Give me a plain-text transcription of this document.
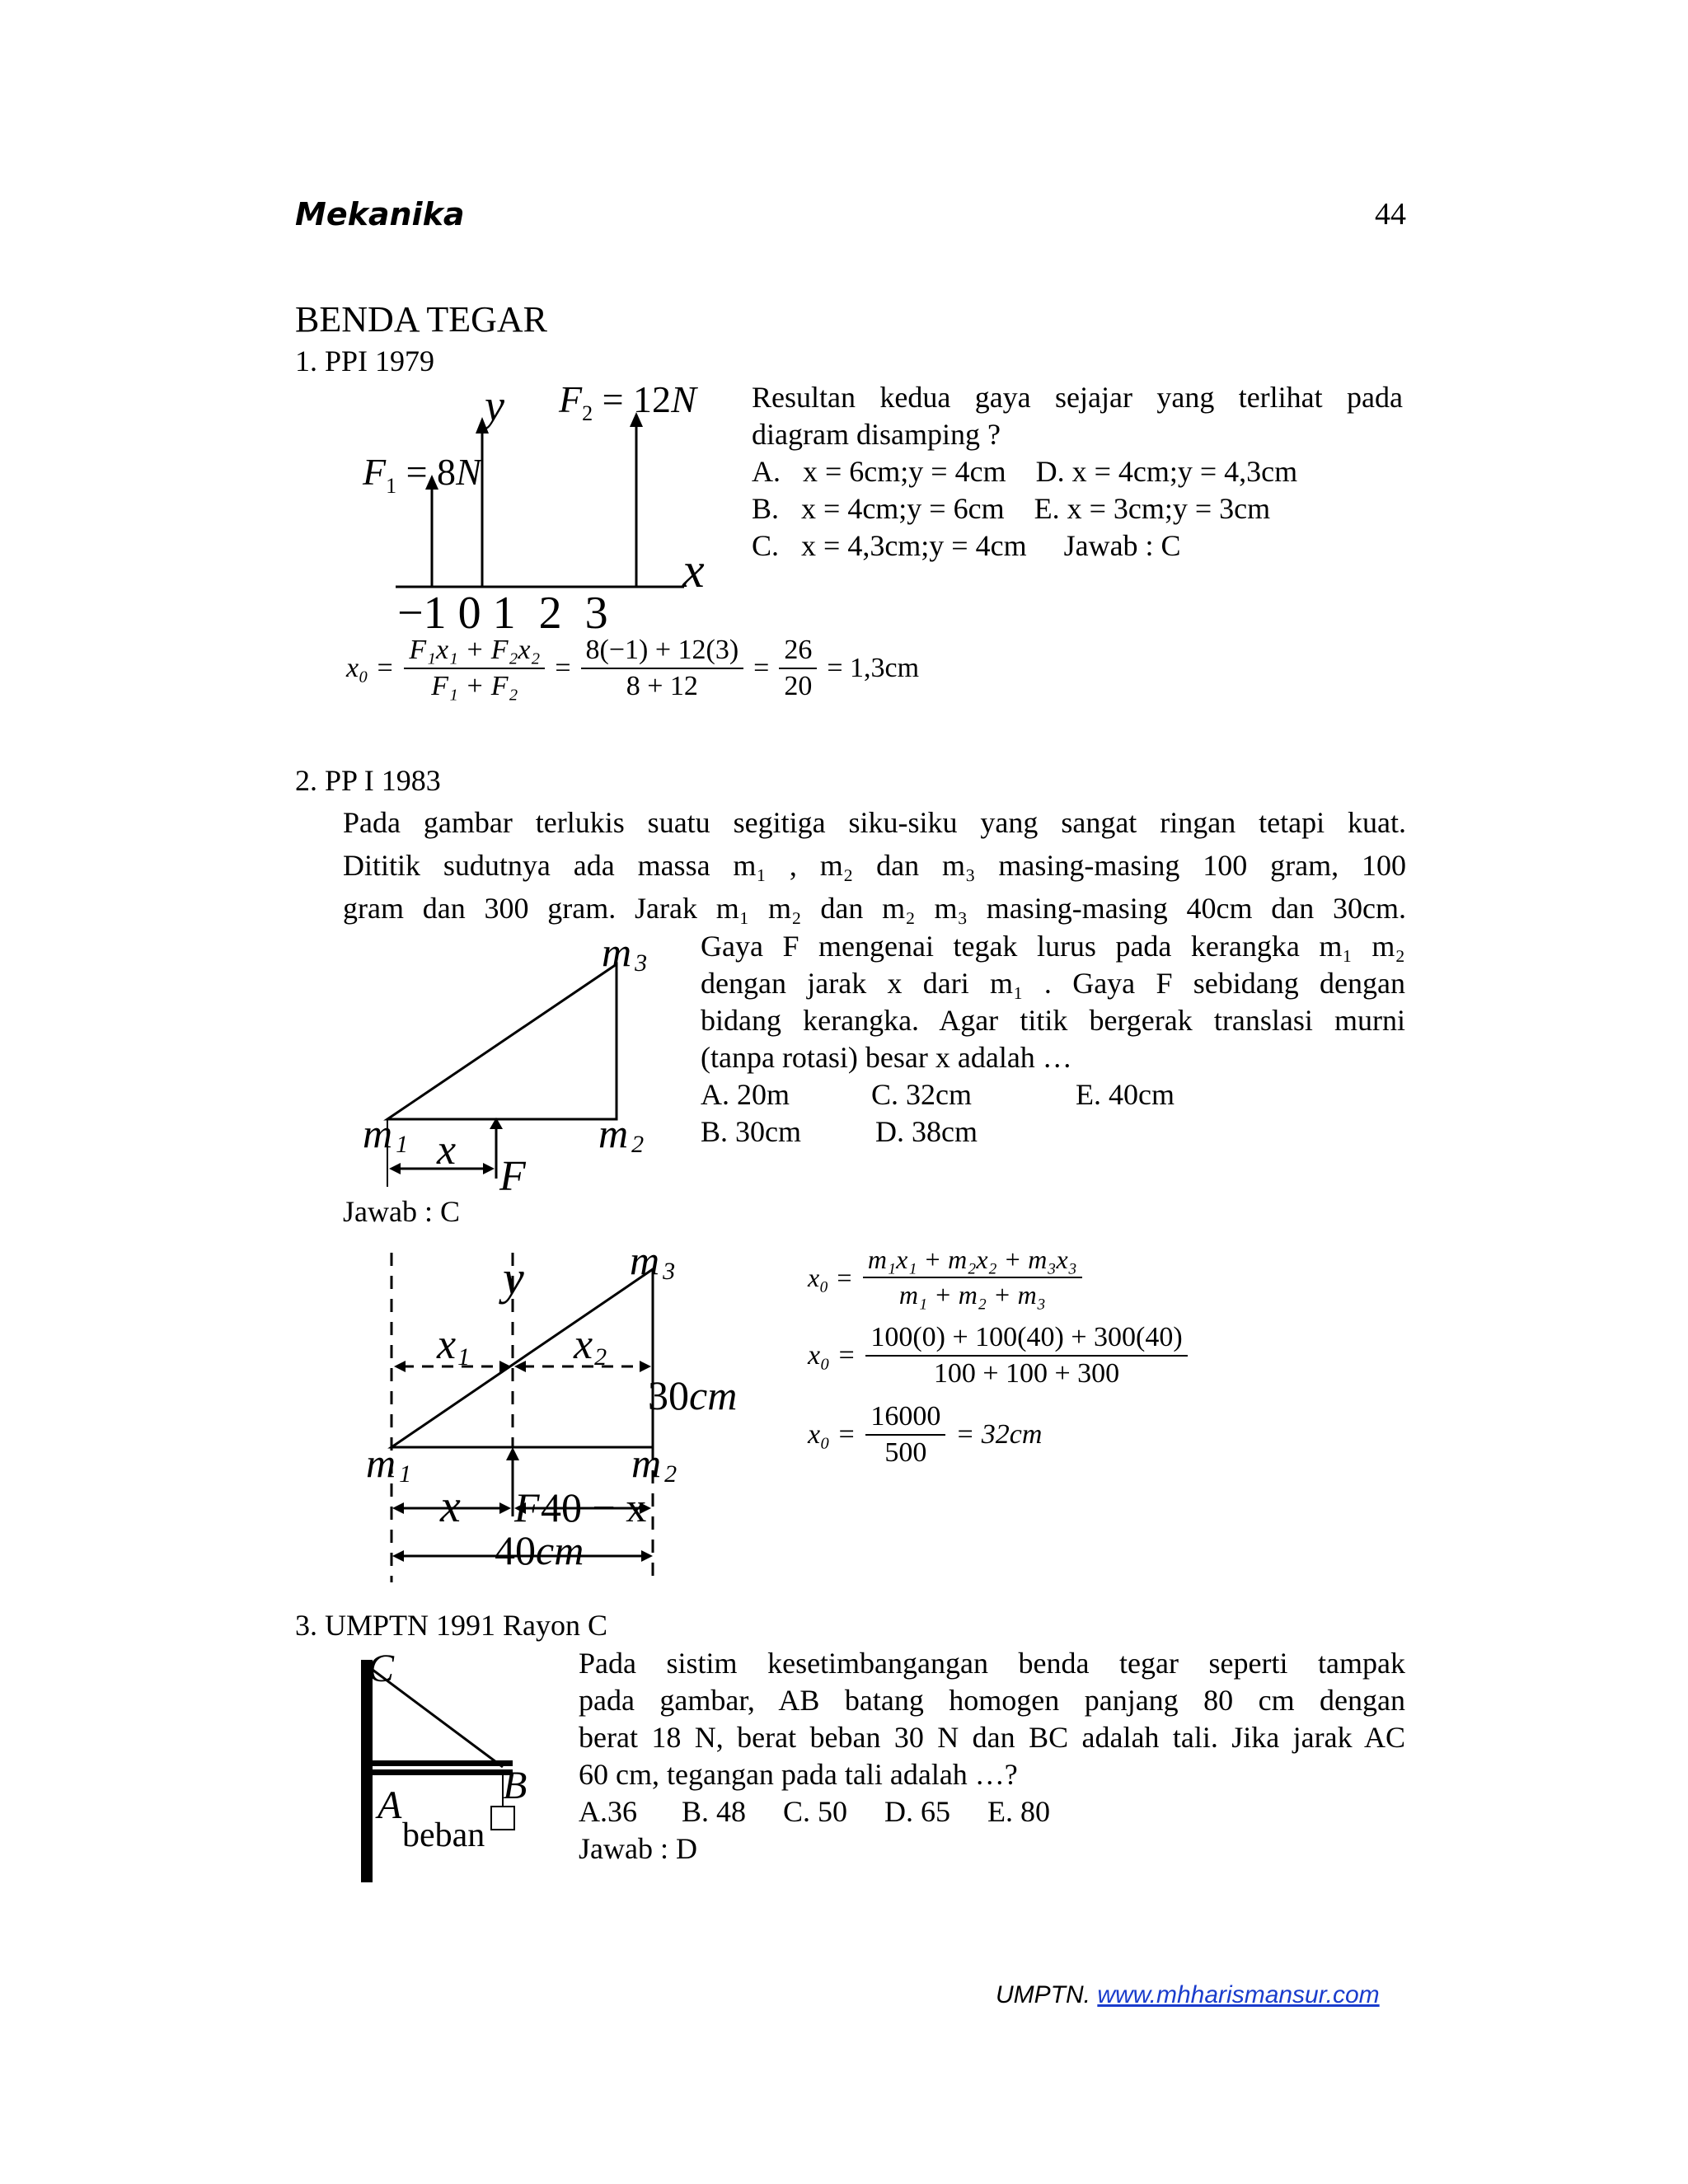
Mekanika	44
BENDA TEGAR
1. PPI 1979
y $F_2 = 12N$
$F_1 = 8N$
x
−1 0 1  2  3
Resultan kedua gaya sejajar yang terlihat pada
diagram disamping ?
A.   x = 6cm;y = 4cm    D. x = 4cm;y = 4,3cm
B.   x = 4cm;y = 6cm    E. x = 3cm;y = 3cm
C.   x = 4,3cm;y = 4cm     Jawab : C
$x_0 = \frac{\text{F₁x₁ + F₂x₂}}{\text{F₁ + F₂}} = \frac{8(-1) + 12(3)}{8 + 12} = \frac{26}{20} = 1,3cm$
2. PP I 1983
Pada gambar terlukis suatu segitiga siku-siku yang sangat ringan tetapi kuat.
Dititik sudutnya ada massa m₁ , m₂ dan m₃ masing-masing 100 gram, 100
gram dan 300 gram. Jarak m₁ m₂ dan m₂ m₃ masing-masing 40cm dan 30cm.
Gaya F mengenai tegak lurus pada kerangka m₁ m₂
dengan jarak x dari m₁ . Gaya F sebidang dengan
bidang kerangka. Agar titik bergerak translasi murni
(tanpa rotasi) besar x adalah …
A. 20m           C. 32cm              E. 40cm
B. 30cm          D. 38cm
m 3
m 1	m 2
x
F
Jawab : C
y	m 3
x1 x2
30cm
m 1	m 2
x F 40 − x
40cm
$x_0 = \frac{\text{m₁x₁ + m₂x₂ + m₃x₃}}{\text{m₁ + m₂ + m₃}}$
$x_0 = \frac{100(0) + 100(40) + 300(40)}{100 + 100 + 300}$
$x_0 = \frac{16000}{500} = 32cm$
3. UMPTN 1991 Rayon C
C
B
A
beban
Pada sistim kesetimbangangan benda tegar seperti tampak
pada gambar, AB batang homogen panjang 80 cm dengan
berat 18 N, berat beban 30 N dan BC adalah tali. Jika jarak AC
60 cm, tegangan pada tali adalah …?
A.36      B. 48     C. 50     D. 65     E. 80
Jawab : D
UMPTN. www.mhharismansur.com
